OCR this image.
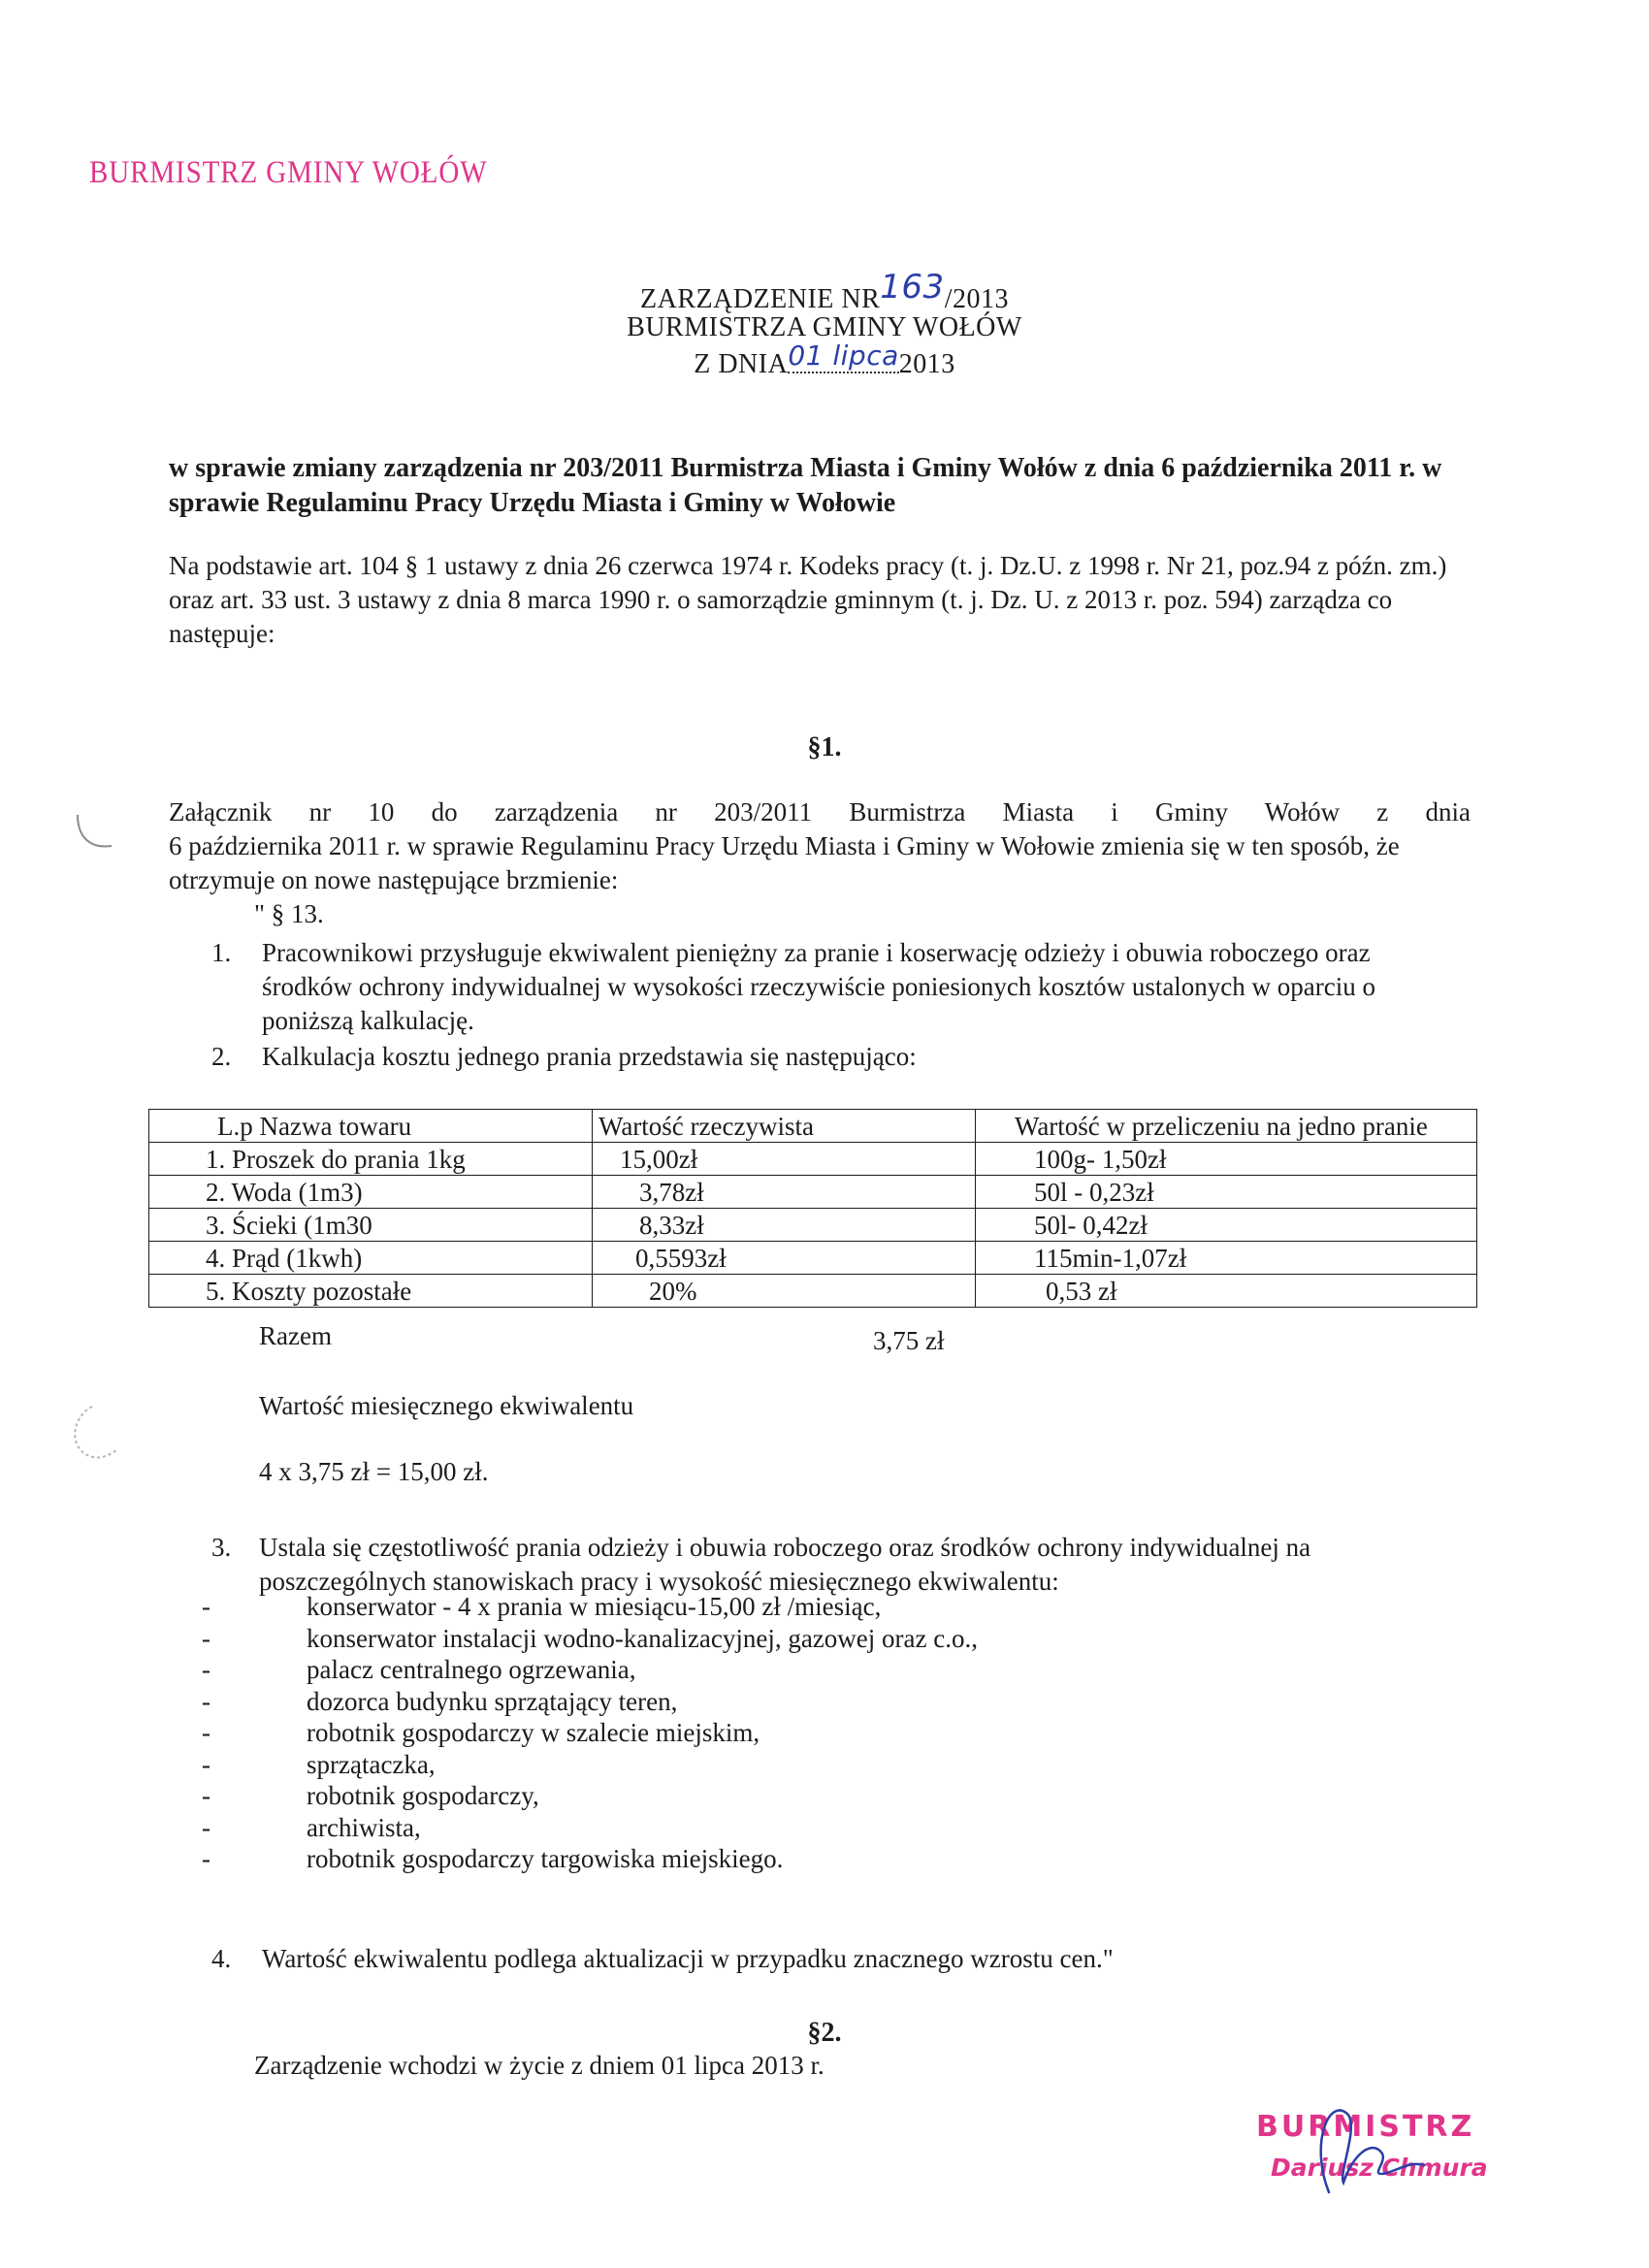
BURMISTRZ GMINY WOŁÓW
ZARZĄDZENIE NR163/2013
BURMISTRZA GMINY WOŁÓW
Z DNIA01 lipca2013
w sprawie zmiany zarządzenia nr 203/2011 Burmistrza Miasta i Gminy Wołów z dnia 6 października 2011 r. w sprawie Regulaminu Pracy Urzędu Miasta i Gminy w Wołowie
Na podstawie art. 104 § 1 ustawy z dnia 26 czerwca 1974 r. Kodeks pracy (t. j. Dz.U. z 1998 r. Nr 21, poz.94 z późn. zm.) oraz art. 33 ust. 3 ustawy z dnia 8 marca 1990 r. o samorządzie gminnym (t. j. Dz. U. z 2013 r. poz. 594) zarządza co następuje:
§1.
Załącznik nr 10 do zarządzenia nr 203/2011 Burmistrza Miasta i Gminy Wołów z dnia
6 października 2011 r. w sprawie Regulaminu Pracy Urzędu Miasta i Gminy w Wołowie zmienia się w ten sposób, że otrzymuje on nowe następujące brzmienie:
" § 13.
1. Pracownikowi przysługuje ekwiwalent pieniężny za pranie i koserwację odzieży i obuwia roboczego oraz środków ochrony indywidualnej w wysokości rzeczywiście poniesionych kosztów ustalonych w oparciu o poniższą kalkulację.
2. Kalkulacja kosztu jednego prania przedstawia się następująco:
L.p Nazwa towaru	Wartość rzeczywista	Wartość w przeliczeniu na jedno pranie
1. Proszek do prania 1kg	15,00zł	100g- 1,50zł
2. Woda (1m3)	3,78zł	50l - 0,23zł
3. Ścieki (1m30	8,33zł	50l- 0,42zł
4. Prąd (1kwh)	0,5593zł	115min-1,07zł
5. Koszty pozostałe	20%	0,53 zł
Razem	3,75 zł
Wartość miesięcznego ekwiwalentu
4 x 3,75 zł = 15,00 zł.
3. Ustala się częstotliwość prania odzieży i obuwia roboczego oraz środków ochrony indywidualnej na poszczególnych stanowiskach pracy i wysokość miesięcznego ekwiwalentu:
-	konserwator - 4 x prania w miesiącu-15,00 zł /miesiąc,
-	konserwator instalacji wodno-kanalizacyjnej, gazowej oraz c.o.,
-	palacz centralnego ogrzewania,
-	dozorca budynku sprzątający teren,
-	robotnik gospodarczy w szalecie miejskim,
-	sprzątaczka,
-	robotnik gospodarczy,
-	archiwista,
-	robotnik gospodarczy targowiska miejskiego.
4. Wartość ekwiwalentu podlega aktualizacji w przypadku znacznego wzrostu cen."
§2.
Zarządzenie wchodzi w życie z dniem 01 lipca 2013 r.
BURMISTRZ
Dariusz Chmura
